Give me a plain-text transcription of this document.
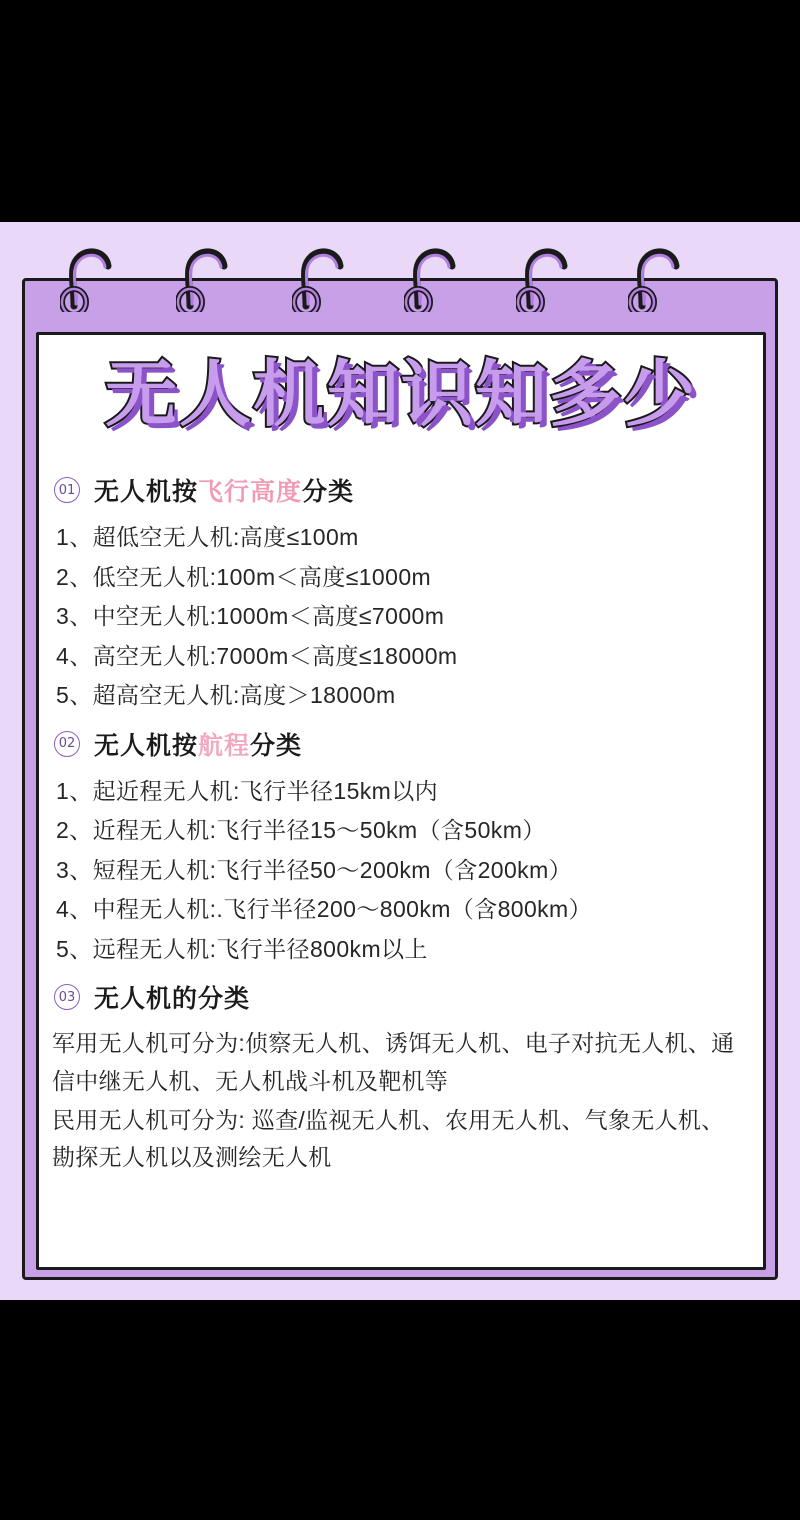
无人机知识知多少
01 无人机按飞行高度分类
1、超低空无人机:高度≤100m
2、低空无人机:100m＜高度≤1000m
3、中空无人机:1000m＜高度≤7000m
4、高空无人机:7000m＜高度≤18000m
5、超高空无人机:高度＞18000m
02 无人机按航程分类
1、起近程无人机:飞行半径15km以内
2、近程无人机:飞行半径15～50km（含50km）
3、短程无人机:飞行半径50～200km（含200km）
4、中程无人机:.飞行半径200～800km（含800km）
5、远程无人机:飞行半径800km以上
03 无人机的分类
军用无人机可分为:侦察无人机、诱饵无人机、电子对抗无人机、通信中继无人机、无人机战斗机及靶机等
民用无人机可分为: 巡查/监视无人机、农用无人机、气象无人机、 勘探无人机以及测绘无人机
